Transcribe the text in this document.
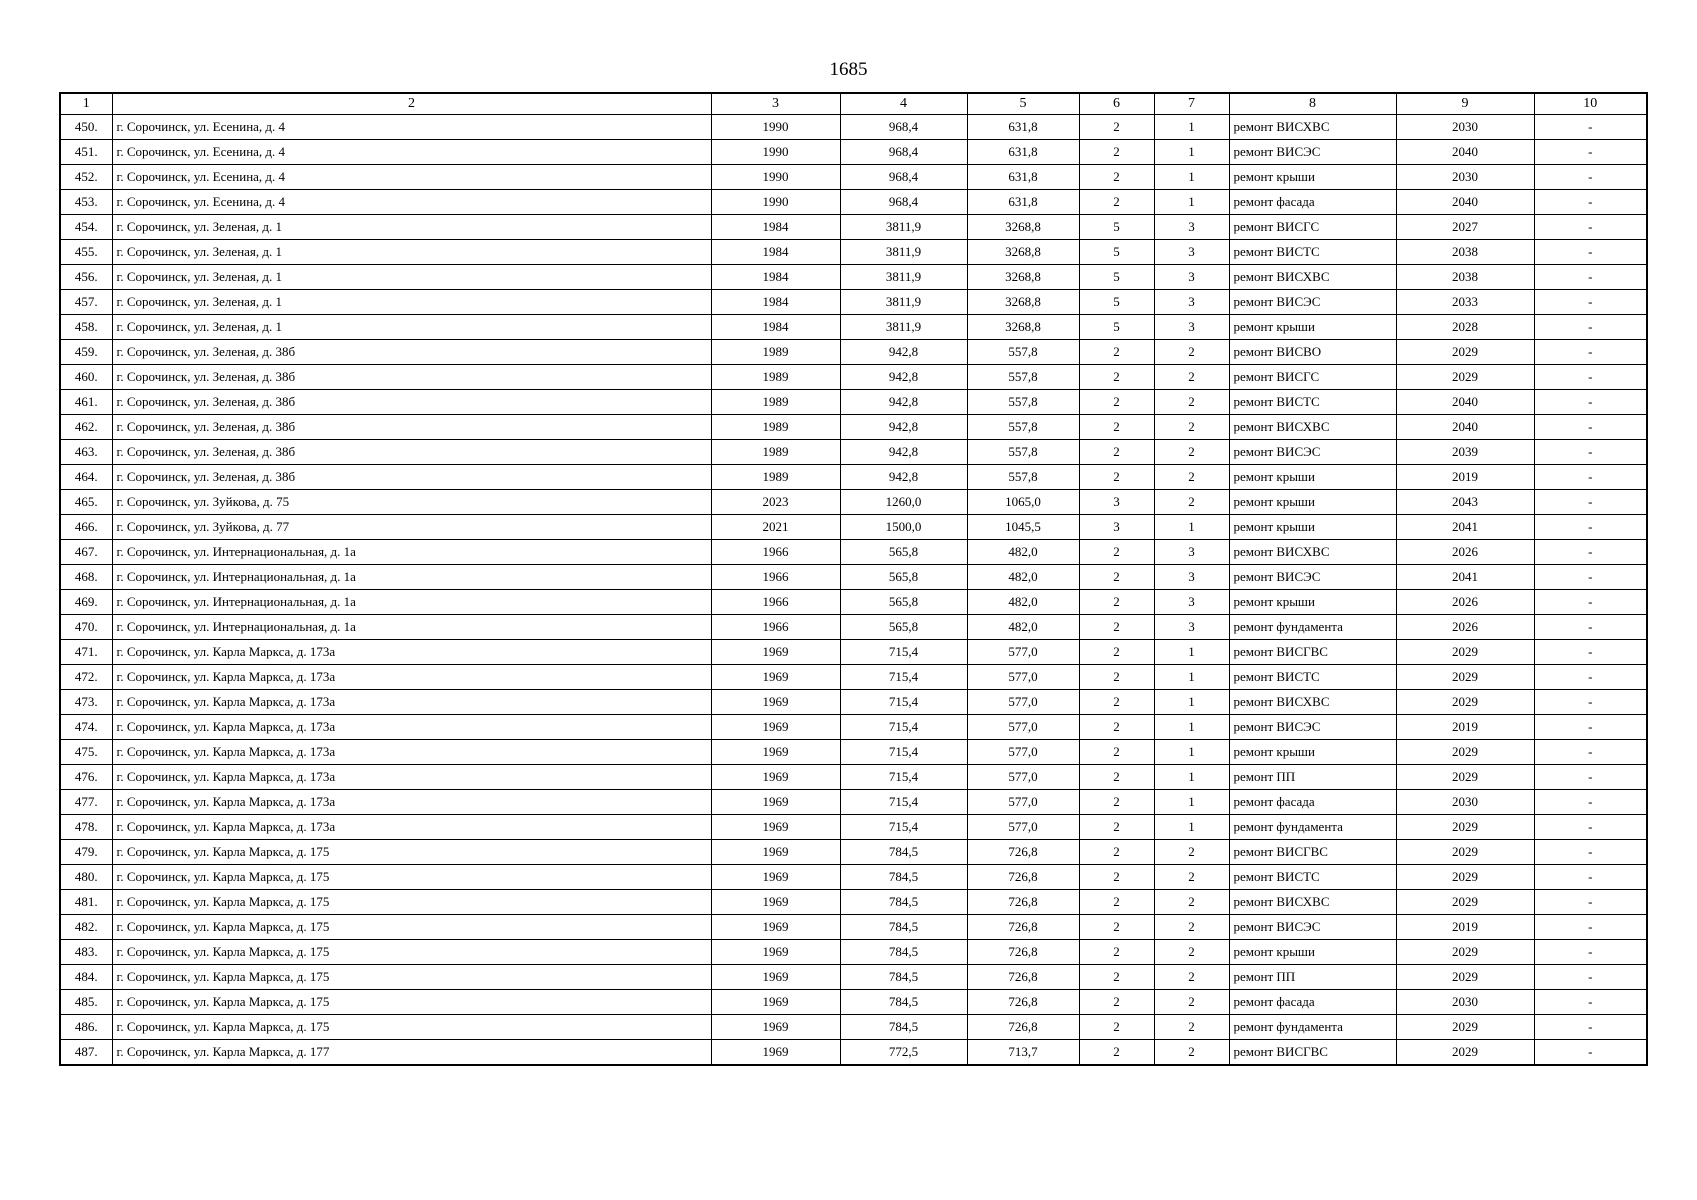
1685
1	2	3	4	5	6	7	8	9	10
450.	г. Сорочинск, ул. Есенина, д. 4	1990	968,4	631,8	2	1	ремонт ВИСХВС	2030	-
451.	г. Сорочинск, ул. Есенина, д. 4	1990	968,4	631,8	2	1	ремонт ВИСЭС	2040	-
452.	г. Сорочинск, ул. Есенина, д. 4	1990	968,4	631,8	2	1	ремонт крыши	2030	-
453.	г. Сорочинск, ул. Есенина, д. 4	1990	968,4	631,8	2	1	ремонт фасада	2040	-
454.	г. Сорочинск, ул. Зеленая, д. 1	1984	3811,9	3268,8	5	3	ремонт ВИСГС	2027	-
455.	г. Сорочинск, ул. Зеленая, д. 1	1984	3811,9	3268,8	5	3	ремонт ВИСТС	2038	-
456.	г. Сорочинск, ул. Зеленая, д. 1	1984	3811,9	3268,8	5	3	ремонт ВИСХВС	2038	-
457.	г. Сорочинск, ул. Зеленая, д. 1	1984	3811,9	3268,8	5	3	ремонт ВИСЭС	2033	-
458.	г. Сорочинск, ул. Зеленая, д. 1	1984	3811,9	3268,8	5	3	ремонт крыши	2028	-
459.	г. Сорочинск, ул. Зеленая, д. 38б	1989	942,8	557,8	2	2	ремонт ВИСВО	2029	-
460.	г. Сорочинск, ул. Зеленая, д. 38б	1989	942,8	557,8	2	2	ремонт ВИСГС	2029	-
461.	г. Сорочинск, ул. Зеленая, д. 38б	1989	942,8	557,8	2	2	ремонт ВИСТС	2040	-
462.	г. Сорочинск, ул. Зеленая, д. 38б	1989	942,8	557,8	2	2	ремонт ВИСХВС	2040	-
463.	г. Сорочинск, ул. Зеленая, д. 38б	1989	942,8	557,8	2	2	ремонт ВИСЭС	2039	-
464.	г. Сорочинск, ул. Зеленая, д. 38б	1989	942,8	557,8	2	2	ремонт крыши	2019	-
465.	г. Сорочинск, ул. Зуйкова, д. 75	2023	1260,0	1065,0	3	2	ремонт крыши	2043	-
466.	г. Сорочинск, ул. Зуйкова, д. 77	2021	1500,0	1045,5	3	1	ремонт крыши	2041	-
467.	г. Сорочинск, ул. Интернациональная, д. 1а	1966	565,8	482,0	2	3	ремонт ВИСХВС	2026	-
468.	г. Сорочинск, ул. Интернациональная, д. 1а	1966	565,8	482,0	2	3	ремонт ВИСЭС	2041	-
469.	г. Сорочинск, ул. Интернациональная, д. 1а	1966	565,8	482,0	2	3	ремонт крыши	2026	-
470.	г. Сорочинск, ул. Интернациональная, д. 1а	1966	565,8	482,0	2	3	ремонт фундамента	2026	-
471.	г. Сорочинск, ул. Карла Маркса, д. 173а	1969	715,4	577,0	2	1	ремонт ВИСГВС	2029	-
472.	г. Сорочинск, ул. Карла Маркса, д. 173а	1969	715,4	577,0	2	1	ремонт ВИСТС	2029	-
473.	г. Сорочинск, ул. Карла Маркса, д. 173а	1969	715,4	577,0	2	1	ремонт ВИСХВС	2029	-
474.	г. Сорочинск, ул. Карла Маркса, д. 173а	1969	715,4	577,0	2	1	ремонт ВИСЭС	2019	-
475.	г. Сорочинск, ул. Карла Маркса, д. 173а	1969	715,4	577,0	2	1	ремонт крыши	2029	-
476.	г. Сорочинск, ул. Карла Маркса, д. 173а	1969	715,4	577,0	2	1	ремонт ПП	2029	-
477.	г. Сорочинск, ул. Карла Маркса, д. 173а	1969	715,4	577,0	2	1	ремонт фасада	2030	-
478.	г. Сорочинск, ул. Карла Маркса, д. 173а	1969	715,4	577,0	2	1	ремонт фундамента	2029	-
479.	г. Сорочинск, ул. Карла Маркса, д. 175	1969	784,5	726,8	2	2	ремонт ВИСГВС	2029	-
480.	г. Сорочинск, ул. Карла Маркса, д. 175	1969	784,5	726,8	2	2	ремонт ВИСТС	2029	-
481.	г. Сорочинск, ул. Карла Маркса, д. 175	1969	784,5	726,8	2	2	ремонт ВИСХВС	2029	-
482.	г. Сорочинск, ул. Карла Маркса, д. 175	1969	784,5	726,8	2	2	ремонт ВИСЭС	2019	-
483.	г. Сорочинск, ул. Карла Маркса, д. 175	1969	784,5	726,8	2	2	ремонт крыши	2029	-
484.	г. Сорочинск, ул. Карла Маркса, д. 175	1969	784,5	726,8	2	2	ремонт ПП	2029	-
485.	г. Сорочинск, ул. Карла Маркса, д. 175	1969	784,5	726,8	2	2	ремонт фасада	2030	-
486.	г. Сорочинск, ул. Карла Маркса, д. 175	1969	784,5	726,8	2	2	ремонт фундамента	2029	-
487.	г. Сорочинск, ул. Карла Маркса, д. 177	1969	772,5	713,7	2	2	ремонт ВИСГВС	2029	-
